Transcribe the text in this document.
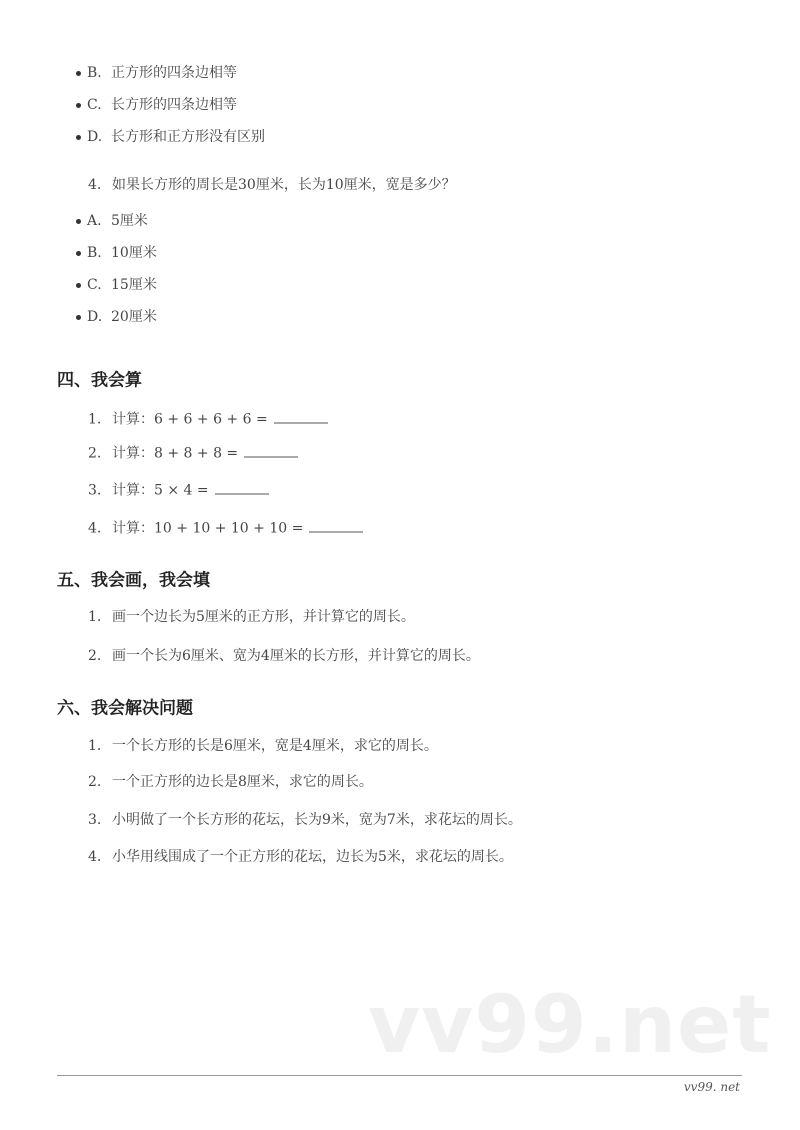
B. 正方形的四条边相等
C. 长方形的四条边相等
D. 长方形和正方形没有区别
4. 如果长方形的周长是30厘米，长为10厘米，宽是多少？
A. 5厘米
B. 10厘米
C. 15厘米
D. 20厘米
四、我会算
1. 计算：6 + 6 + 6 + 6 =
2. 计算：8 + 8 + 8 =
3. 计算：5 × 4 =
4. 计算：10 + 10 + 10 + 10 =
五、我会画，我会填
1. 画一个边长为5厘米的正方形，并计算它的周长。
2. 画一个长为6厘米、宽为4厘米的长方形，并计算它的周长。
六、我会解决问题
1. 一个长方形的长是6厘米，宽是4厘米，求它的周长。
2. 一个正方形的边长是8厘米，求它的周长。
3. 小明做了一个长方形的花坛，长为9米，宽为7米，求花坛的周长。
4. 小华用线围成了一个正方形的花坛，边长为5米，求花坛的周长。
vv99.net
vv99. net
